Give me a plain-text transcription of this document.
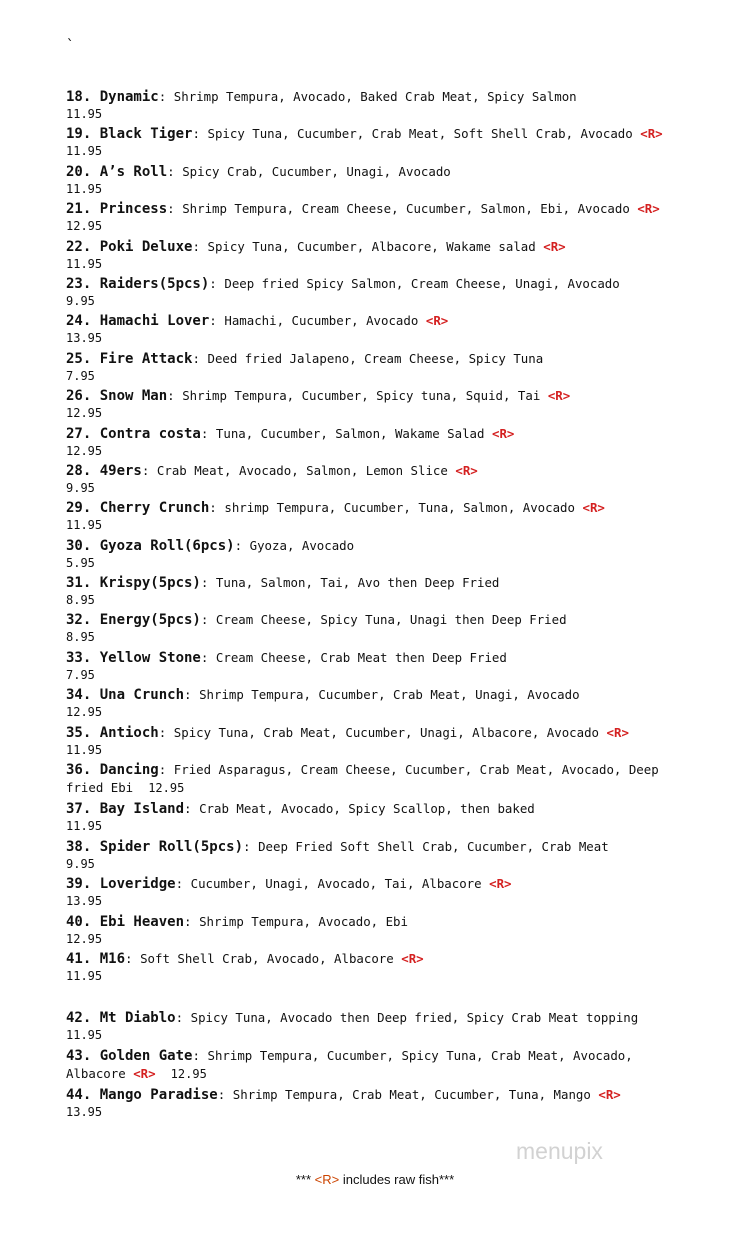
`
18. Dynamic: Shrimp Tempura, Avocado, Baked Crab Meat, Spicy Salmon
11.95
19. Black Tiger: Spicy Tuna, Cucumber, Crab Meat, Soft Shell Crab, Avocado <R>
11.95
20. A’s Roll: Spicy Crab, Cucumber, Unagi, Avocado
11.95
21. Princess: Shrimp Tempura, Cream Cheese, Cucumber, Salmon, Ebi, Avocado <R>
12.95
22. Poki Deluxe: Spicy Tuna, Cucumber, Albacore, Wakame salad <R>
11.95
23. Raiders(5pcs): Deep fried Spicy Salmon, Cream Cheese, Unagi, Avocado
9.95
24. Hamachi Lover: Hamachi, Cucumber, Avocado <R>
13.95
25. Fire Attack: Deed fried Jalapeno, Cream Cheese, Spicy Tuna
7.95
26. Snow Man: Shrimp Tempura, Cucumber, Spicy tuna, Squid, Tai <R>
12.95
27. Contra costa: Tuna, Cucumber, Salmon, Wakame Salad <R>
12.95
28. 49ers: Crab Meat, Avocado, Salmon, Lemon Slice <R>
9.95
29. Cherry Crunch: shrimp Tempura, Cucumber, Tuna, Salmon, Avocado <R>
11.95
30. Gyoza Roll(6pcs): Gyoza, Avocado
5.95
31. Krispy(5pcs): Tuna, Salmon, Tai, Avo then Deep Fried
8.95
32. Energy(5pcs): Cream Cheese, Spicy Tuna, Unagi then Deep Fried
8.95
33. Yellow Stone: Cream Cheese, Crab Meat then Deep Fried
7.95
34. Una Crunch: Shrimp Tempura, Cucumber, Crab Meat, Unagi, Avocado
12.95
35. Antioch: Spicy Tuna, Crab Meat, Cucumber, Unagi, Albacore, Avocado <R>
11.95
36. Dancing: Fried Asparagus, Cream Cheese, Cucumber, Crab Meat, Avocado, Deep fried Ebi 12.95
37. Bay Island: Crab Meat, Avocado, Spicy Scallop, then baked
11.95
38. Spider Roll(5pcs): Deep Fried Soft Shell Crab, Cucumber, Crab Meat
9.95
39. Loveridge: Cucumber, Unagi, Avocado, Tai, Albacore <R>
13.95
40. Ebi Heaven: Shrimp Tempura, Avocado, Ebi
12.95
41. M16: Soft Shell Crab, Avocado, Albacore <R>
11.95
42. Mt Diablo: Spicy Tuna, Avocado then Deep fried, Spicy Crab Meat topping
11.95
43. Golden Gate: Shrimp Tempura, Cucumber, Spicy Tuna, Crab Meat, Avocado, Albacore <R> 12.95
44. Mango Paradise: Shrimp Tempura, Crab Meat, Cucumber, Tuna, Mango <R>
13.95
*** <R> includes raw fish***
menupix
